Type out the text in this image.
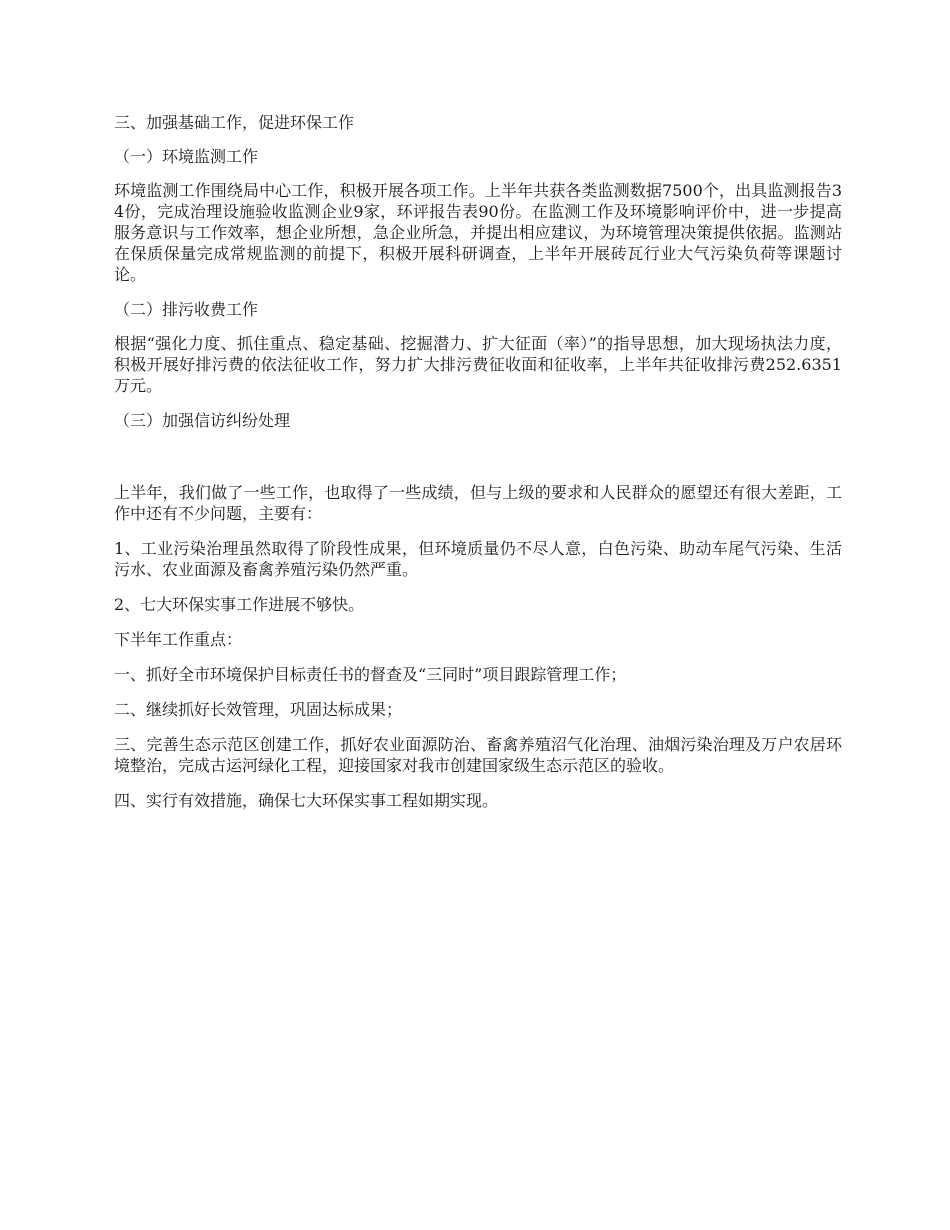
三、加强基础工作，促进环保工作

（一）环境监测工作

环境监测工作围绕局中心工作，积极开展各项工作。上半年共获各类监测数据7500个，出具监测报告34份，完成治理设施验收监测企业9家，环评报告表90份。在监测工作及环境影响评价中，进一步提高服务意识与工作效率，想企业所想，急企业所急，并提出相应建议，为环境管理决策提供依据。监测站在保质保量完成常规监测的前提下，积极开展科研调查，上半年开展砖瓦行业大气污染负荷等课题讨论。

（二）排污收费工作

根据“强化力度、抓住重点、稳定基础、挖掘潜力、扩大征面（率）”的指导思想，加大现场执法力度，积极开展好排污费的依法征收工作，努力扩大排污费征收面和征收率，上半年共征收排污费252.6351万元。

（三）加强信访纠纷处理

上半年，我们做了一些工作，也取得了一些成绩，但与上级的要求和人民群众的愿望还有很大差距，工作中还有不少问题，主要有：

1、工业污染治理虽然取得了阶段性成果，但环境质量仍不尽人意，白色污染、助动车尾气污染、生活污水、农业面源及畜禽养殖污染仍然严重。

2、七大环保实事工作进展不够快。

下半年工作重点：

一、抓好全市环境保护目标责任书的督查及“三同时”项目跟踪管理工作；

二、继续抓好长效管理，巩固达标成果；

三、完善生态示范区创建工作，抓好农业面源防治、畜禽养殖沼气化治理、油烟污染治理及万户农居环境整治，完成古运河绿化工程，迎接国家对我市创建国家级生态示范区的验收。

四、实行有效措施，确保七大环保实事工程如期实现。
